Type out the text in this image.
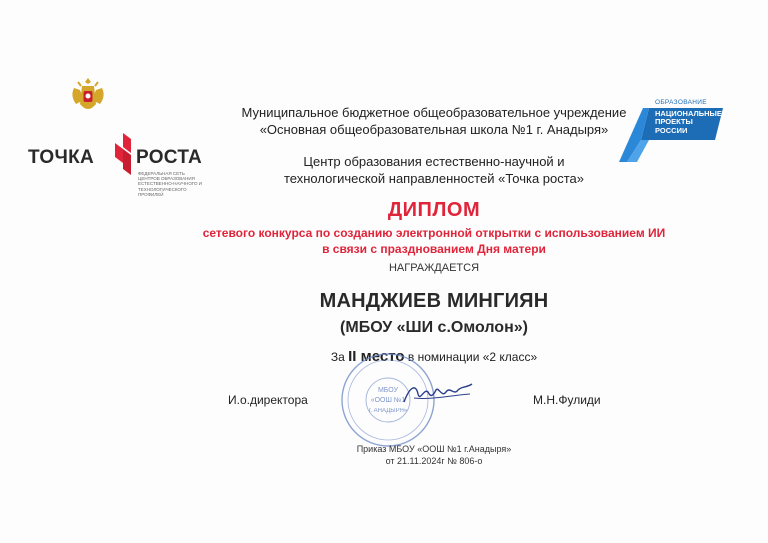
ТОЧКА РОСТА
ФЕДЕРАЛЬНАЯ СЕТЬ
ЦЕНТРОВ ОБРАЗОВАНИЯ
ЕСТЕСТВЕННО-НАУЧНОГО И
ТЕХНОЛОГИЧЕСКОГО
ПРОФИЛЕЙ
ОБРАЗОВАНИЕ
НАЦИОНАЛЬНЫЕ
ПРОЕКТЫ
РОССИИ
Муниципальное бюджетное общеобразовательное учреждение
«Основная общеобразовательная школа №1 г. Анадыря»
Центр образования естественно-научной и
технологической направленностей «Точка роста»
ДИПЛОМ
сетевого конкурса по созданию электронной открытки с использованием ИИ
в связи с празднованием Дня матери
НАГРАЖДАЕТСЯ
МАНДЖИЕВ МИНГИЯН
(МБОУ «ШИ с.Омолон»)
За II место в номинации «2 класс»
МБОУ
«ООШ №1
г. АНАДЫРЯ»
И.о.директора	М.Н.Фулиди
Приказ МБОУ «ООШ №1 г.Анадыря»
от 21.11.2024г № 806-о
